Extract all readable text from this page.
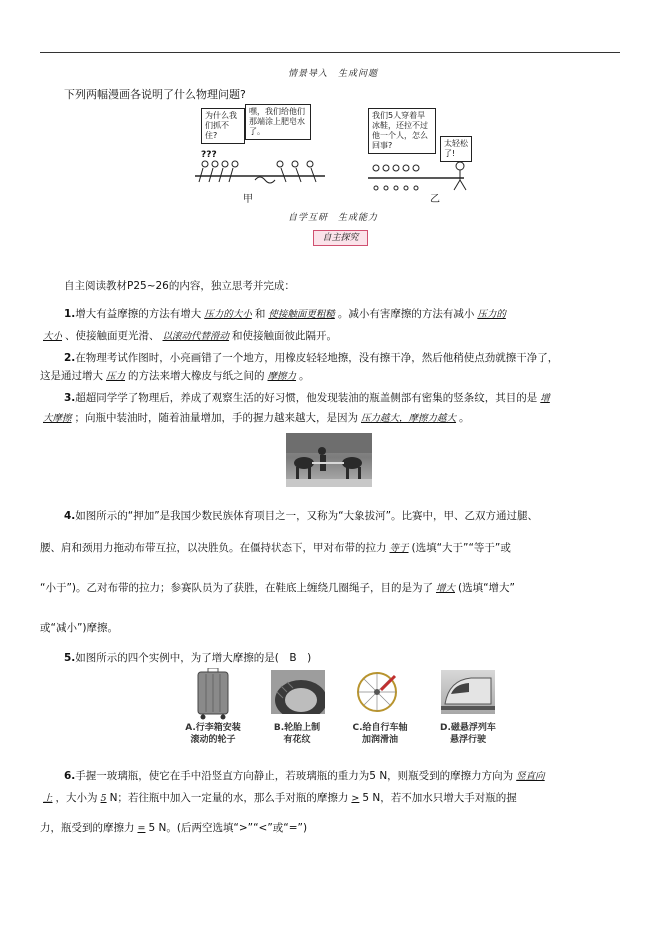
情景导入　生成问题
下列两幅漫画各说明了什么物理问题?
为什么我们抓不住?
嘿，我们给他们那端涂上肥皂水了。
???
甲
我们5人穿着旱冰鞋，还拉不过他一个人，怎么回事?	太轻松了!
乙
自学互研　生成能力
自主探究
自主阅读教材P25~26的内容，独立思考并完成：
1.增大有益摩擦的方法有增大 压力的大小 和 使接触面更粗糙 。减小有害摩擦的方法有减小 压力的
大小 、使接触面更光滑、 以滚动代替滑动 和使接触面彼此隔开。
2.在物理考试作图时，小亮画错了一个地方，用橡皮轻轻地擦，没有擦干净，然后他稍使点劲就擦干净了，
这是通过增大 压力 的方法来增大橡皮与纸之间的 摩擦力 。
3.超超同学学了物理后，养成了观察生活的好习惯，他发现装油的瓶盖侧部有密集的竖条纹，其目的是 增
大摩擦 ；向瓶中装油时，随着油量增加，手的握力越来越大，是因为 压力越大，摩擦力越大 。
4.如图所示的“押加”是我国少数民族体育项目之一，又称为“大象拔河”。比赛中，甲、乙双方通过腿、
腰、肩和颈用力拖动布带互拉，以决胜负。在僵持状态下，甲对布带的拉力 等于 (选填“大于”“等于”或
“小于”)。乙对布带的拉力；参赛队员为了获胜，在鞋底上缠绕几圈绳子，目的是为了 增大 (选填“增大”
或“减小”)摩擦。
5.如图所示的四个实例中，为了增大摩擦的是(　B　)
A.行李箱安装
滚动的轮子
B.轮胎上制
有花纹
C.给自行车轴
加润滑油
D.磁悬浮列车
悬浮行驶
6.手握一玻璃瓶，使它在手中沿竖直方向静止，若玻璃瓶的重力为5 N，则瓶受到的摩擦力方向为 竖直向
上 ，大小为 5 N；若往瓶中加入一定量的水，那么手对瓶的摩擦力 > 5 N，若不加水只增大手对瓶的握
力，瓶受到的摩擦力 = 5 N。(后两空选填“>”“<”或“=”)
